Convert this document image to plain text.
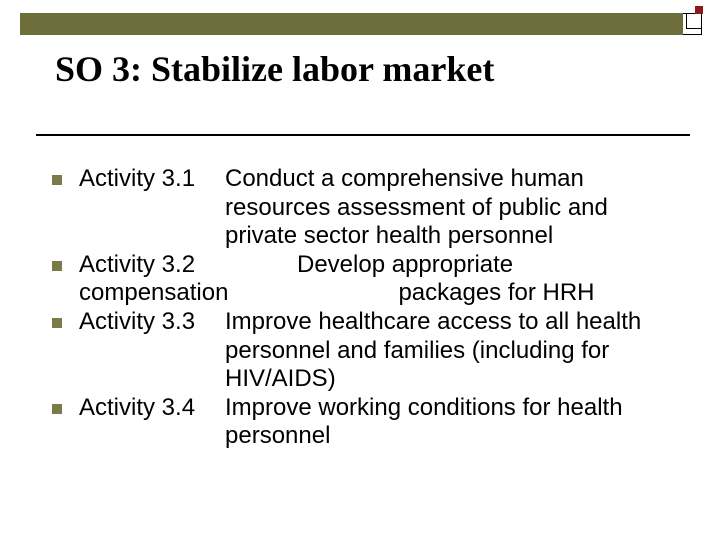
SO 3: Stabilize labor market
Activity 3.1 Conduct a comprehensive human
resources assessment of public and
private sector health personnel
Activity 3.2	Develop appropriate
compensation	packages for HRH
Activity 3.3 Improve healthcare access to all health
personnel and families (including for
HIV/AIDS)
Activity 3.4 Improve working conditions for health
personnel
